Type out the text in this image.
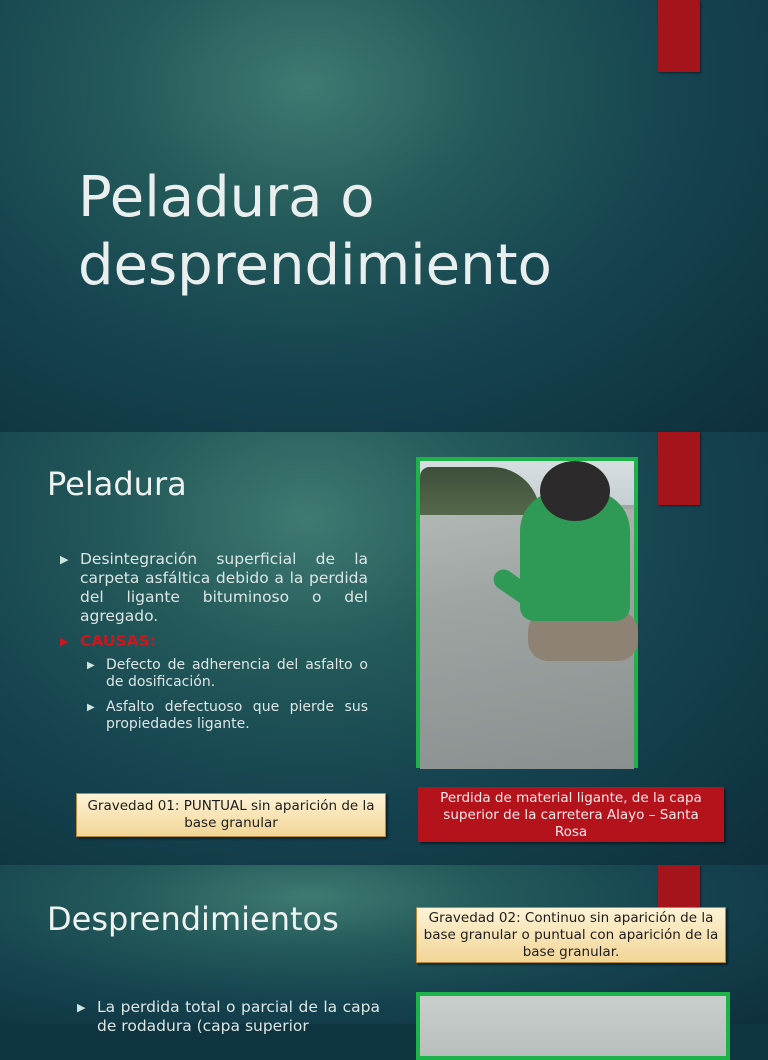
Peladura o
desprendimiento
Peladura
▶ Desintegración superficial de la carpeta asfáltica debido a la perdida del ligante bituminoso o del agregado.
▶ CAUSAS:
▶ Defecto de adherencia del asfalto o de dosificación.
▶ Asfalto defectuoso que pierde sus propiedades ligante.
Gravedad 01: PUNTUAL sin aparición de la base granular
Perdida de material ligante, de la capa superior de la carretera Alayo – Santa Rosa
Desprendimientos	Gravedad 02: Continuo sin aparición de la base granular o puntual con aparición de la base granular.
▶ La perdida total o parcial de la capa de rodadura (capa superior
